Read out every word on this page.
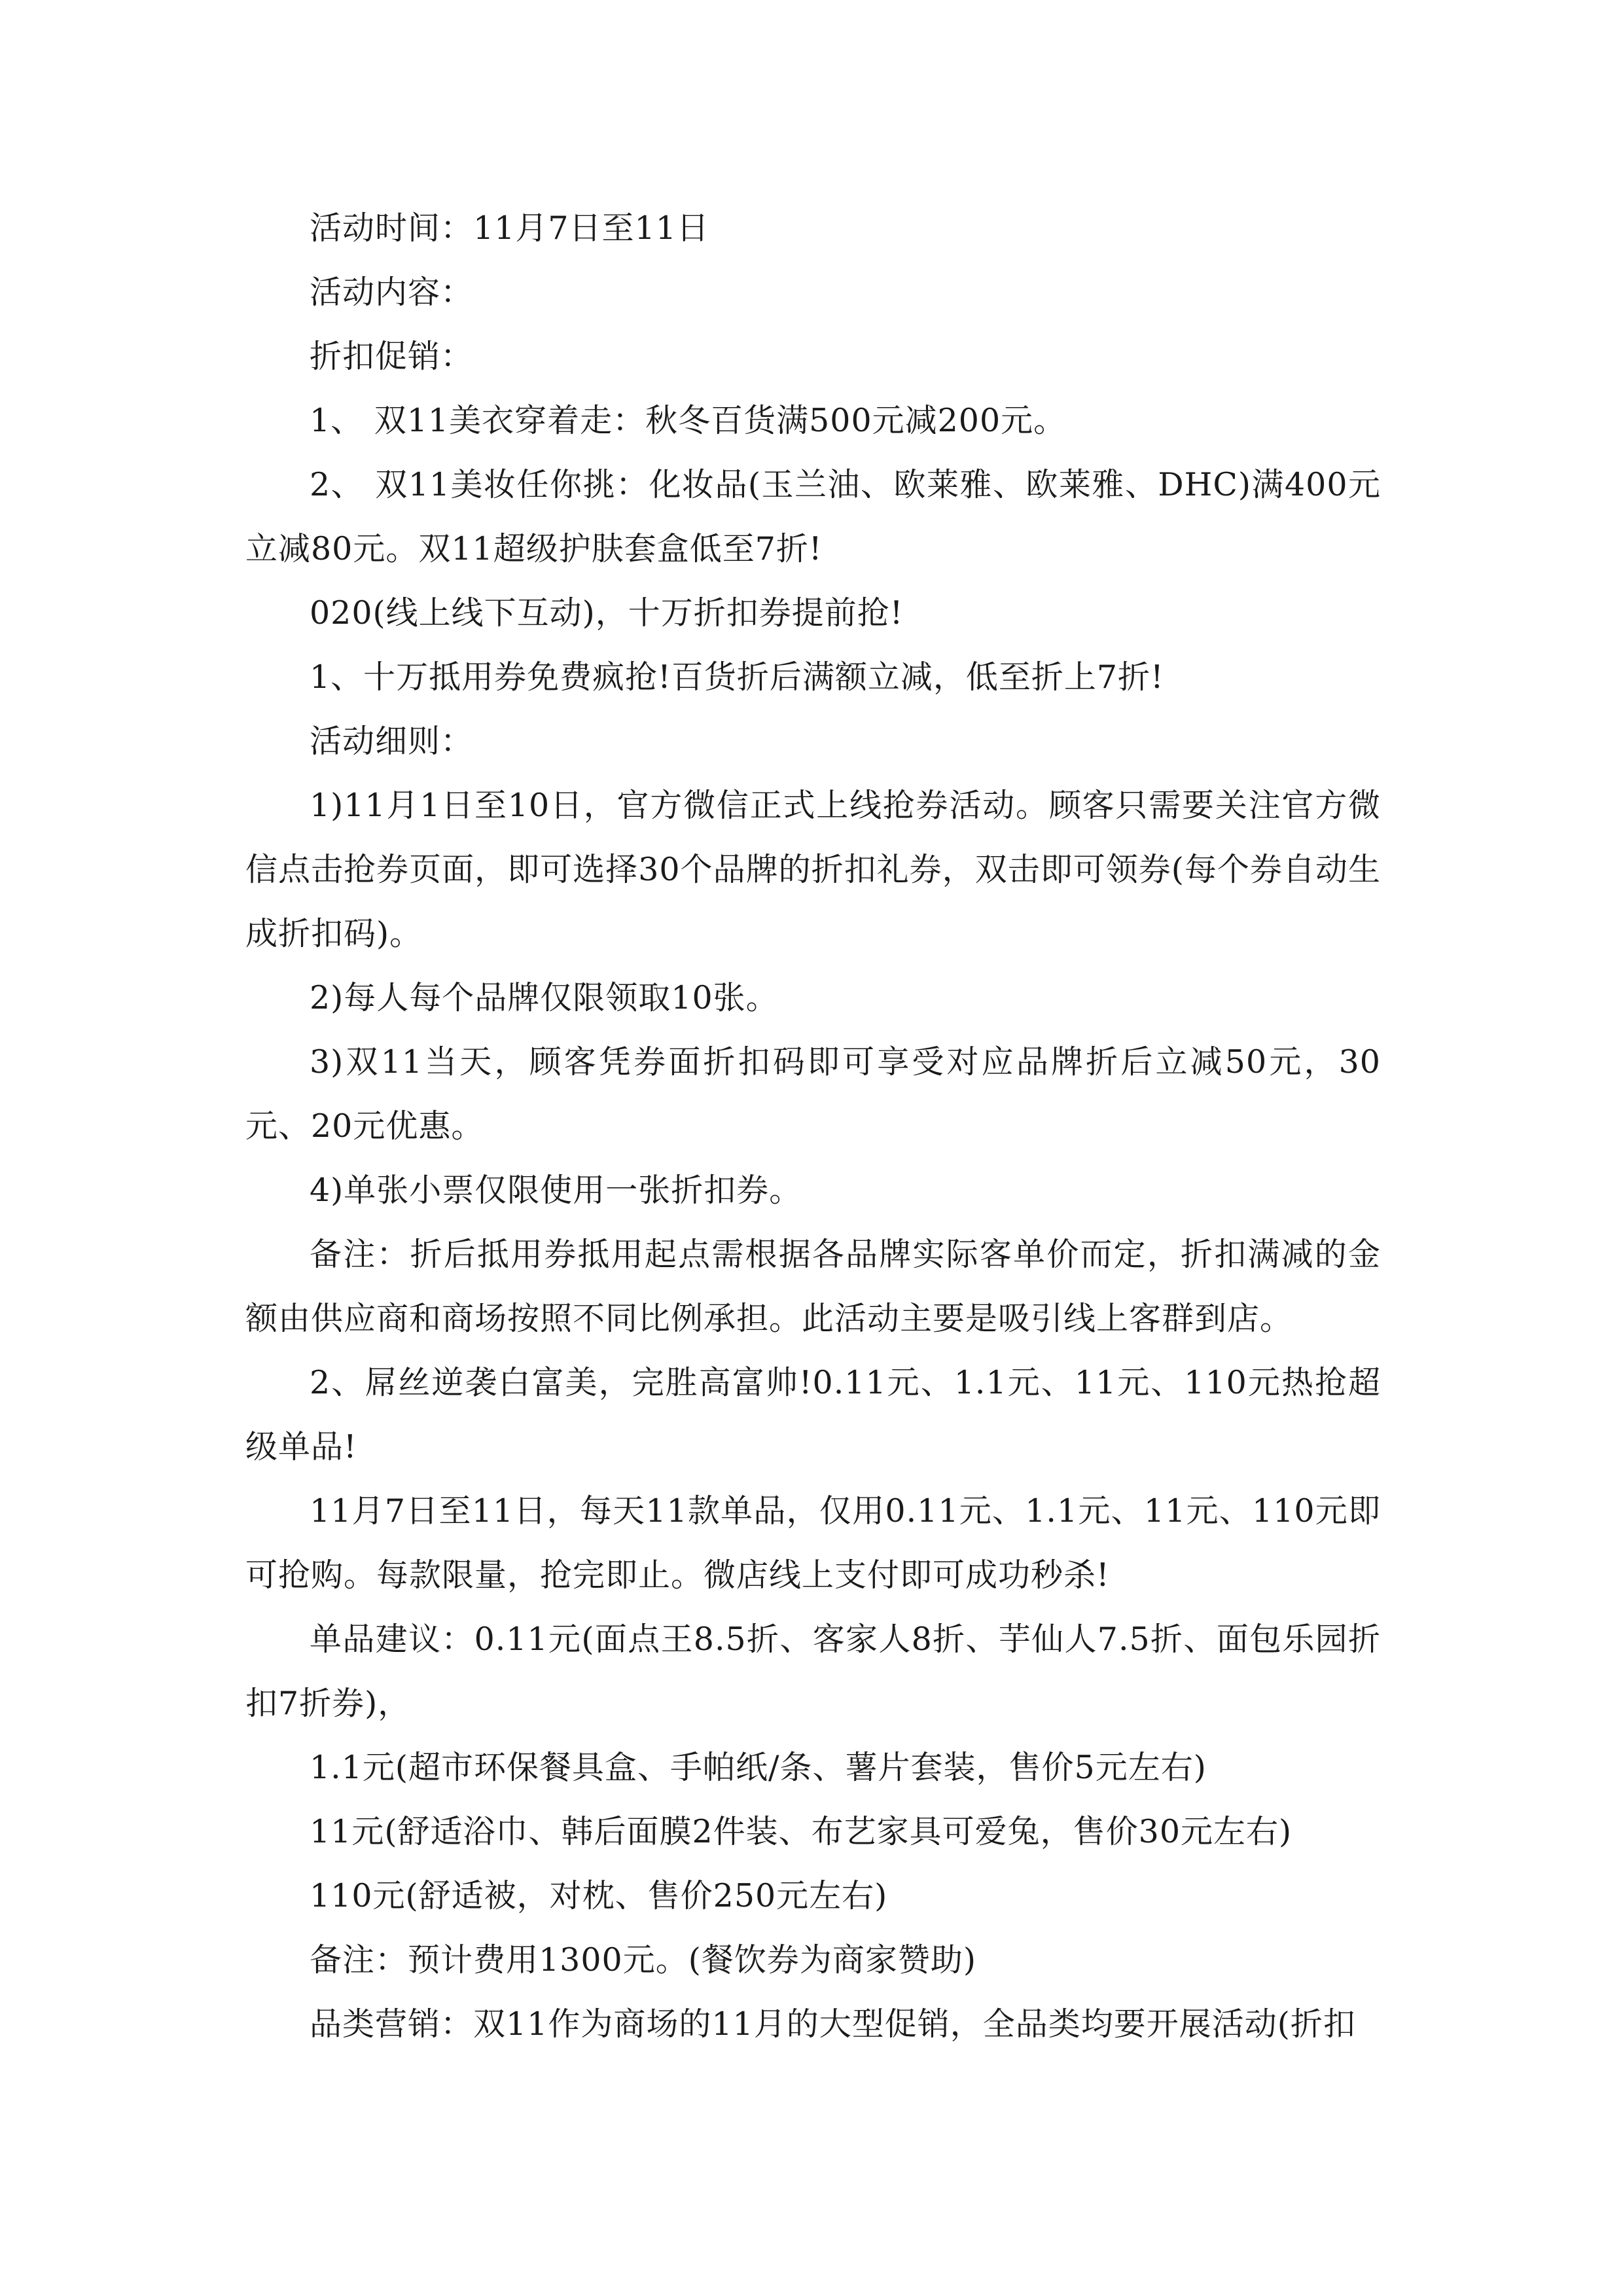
活动时间：11月7日至11日

活动内容：

折扣促销：

1、 双11美衣穿着走：秋冬百货满500元减200元。

2、 双11美妆任你挑：化妆品(玉兰油、欧莱雅、欧莱雅、DHC)满400元立减80元。双11超级护肤套盒低至7折!

020(线上线下互动)，十万折扣券提前抢!

1、十万抵用券免费疯抢!百货折后满额立减，低至折上7折!

活动细则：

1)11月1日至10日，官方微信正式上线抢券活动。顾客只需要关注官方微信点击抢券页面，即可选择30个品牌的折扣礼券，双击即可领券(每个券自动生成折扣码)。

2)每人每个品牌仅限领取10张。

3)双11当天，顾客凭券面折扣码即可享受对应品牌折后立减50元，30元、20元优惠。

4)单张小票仅限使用一张折扣券。

备注：折后抵用券抵用起点需根据各品牌实际客单价而定，折扣满减的金额由供应商和商场按照不同比例承担。此活动主要是吸引线上客群到店。

2、屌丝逆袭白富美，完胜高富帅!0.11元、1.1元、11元、110元热抢超级单品!

11月7日至11日，每天11款单品，仅用0.11元、1.1元、11元、110元即可抢购。每款限量，抢完即止。微店线上支付即可成功秒杀!

单品建议：0.11元(面点王8.5折、客家人8折、芋仙人7.5折、面包乐园折扣7折券)，

1.1元(超市环保餐具盒、手帕纸/条、薯片套装，售价5元左右)

11元(舒适浴巾、韩后面膜2件装、布艺家具可爱兔，售价30元左右)

110元(舒适被，对枕、售价250元左右)

备注：预计费用1300元。(餐饮券为商家赞助)

品类营销：双11作为商场的11月的大型促销，全品类均要开展活动(折扣
